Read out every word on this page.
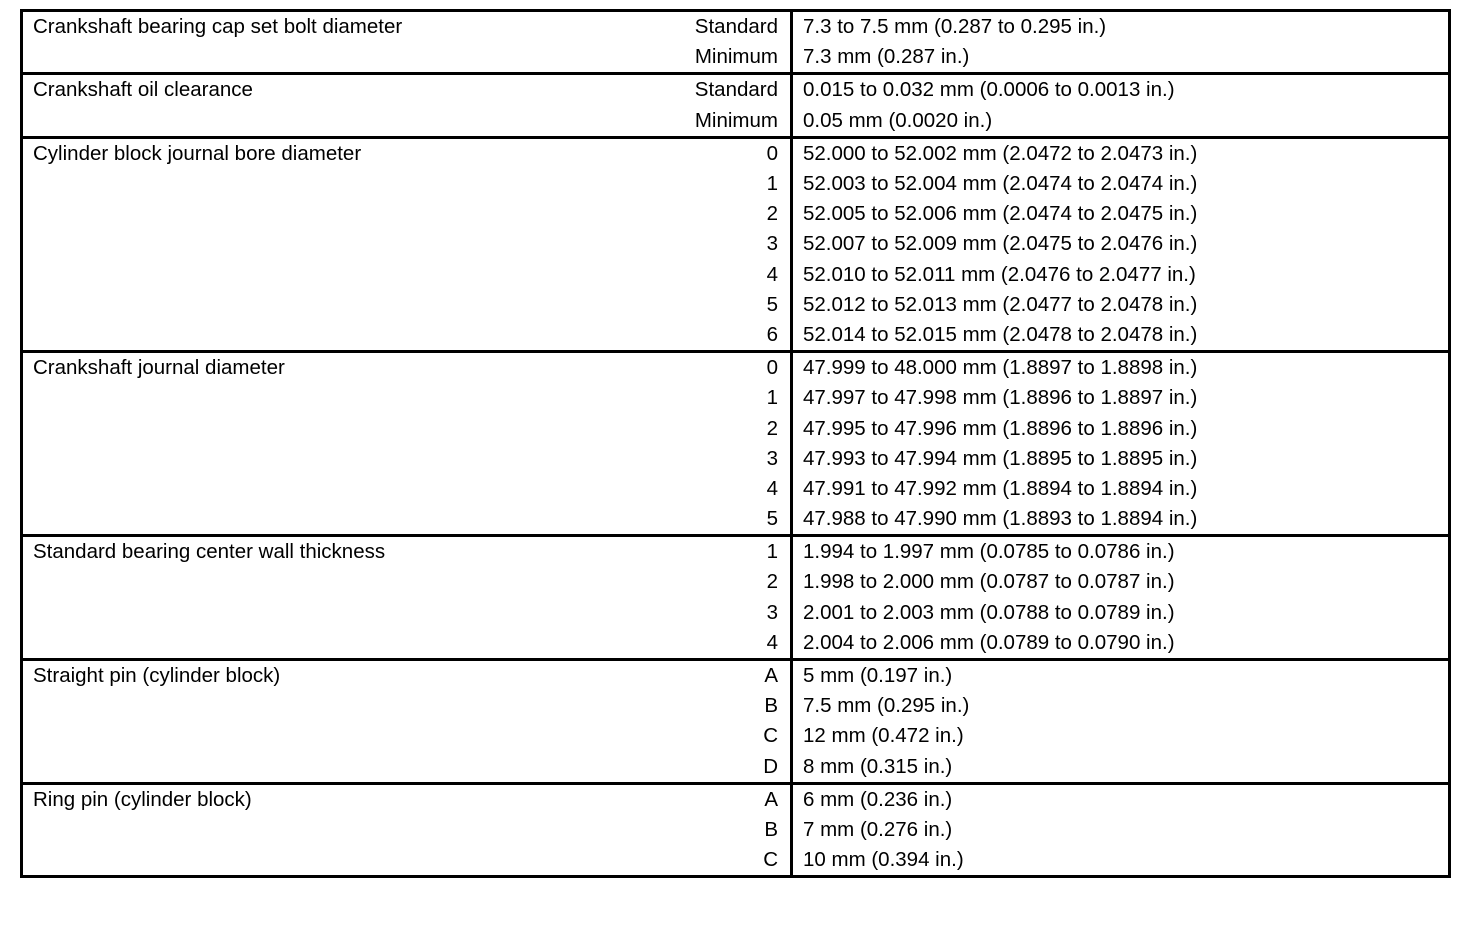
Crankshaft bearing cap set bolt diameter	Standard	7.3 to 7.5 mm (0.287 to 0.295 in.)
	Minimum	7.3 mm (0.287 in.)
Crankshaft oil clearance	Standard	0.015 to 0.032 mm (0.0006 to 0.0013 in.)
	Minimum	0.05 mm (0.0020 in.)
Cylinder block journal bore diameter	0	52.000 to 52.002 mm (2.0472 to 2.0473 in.)
	1	52.003 to 52.004 mm (2.0474 to 2.0474 in.)
	2	52.005 to 52.006 mm (2.0474 to 2.0475 in.)
	3	52.007 to 52.009 mm (2.0475 to 2.0476 in.)
	4	52.010 to 52.011 mm (2.0476 to 2.0477 in.)
	5	52.012 to 52.013 mm (2.0477 to 2.0478 in.)
	6	52.014 to 52.015 mm (2.0478 to 2.0478 in.)
Crankshaft journal diameter	0	47.999 to 48.000 mm (1.8897 to 1.8898 in.)
	1	47.997 to 47.998 mm (1.8896 to 1.8897 in.)
	2	47.995 to 47.996 mm (1.8896 to 1.8896 in.)
	3	47.993 to 47.994 mm (1.8895 to 1.8895 in.)
	4	47.991 to 47.992 mm (1.8894 to 1.8894 in.)
	5	47.988 to 47.990 mm (1.8893 to 1.8894 in.)
Standard bearing center wall thickness	1	1.994 to 1.997 mm (0.0785 to 0.0786 in.)
	2	1.998 to 2.000 mm (0.0787 to 0.0787 in.)
	3	2.001 to 2.003 mm (0.0788 to 0.0789 in.)
	4	2.004 to 2.006 mm (0.0789 to 0.0790 in.)
Straight pin (cylinder block)	A	5 mm (0.197 in.)
	B	7.5 mm (0.295 in.)
	C	12 mm (0.472 in.)
	D	8 mm (0.315 in.)
Ring pin (cylinder block)	A	6 mm (0.236 in.)
	B	7 mm (0.276 in.)
	C	10 mm (0.394 in.)
